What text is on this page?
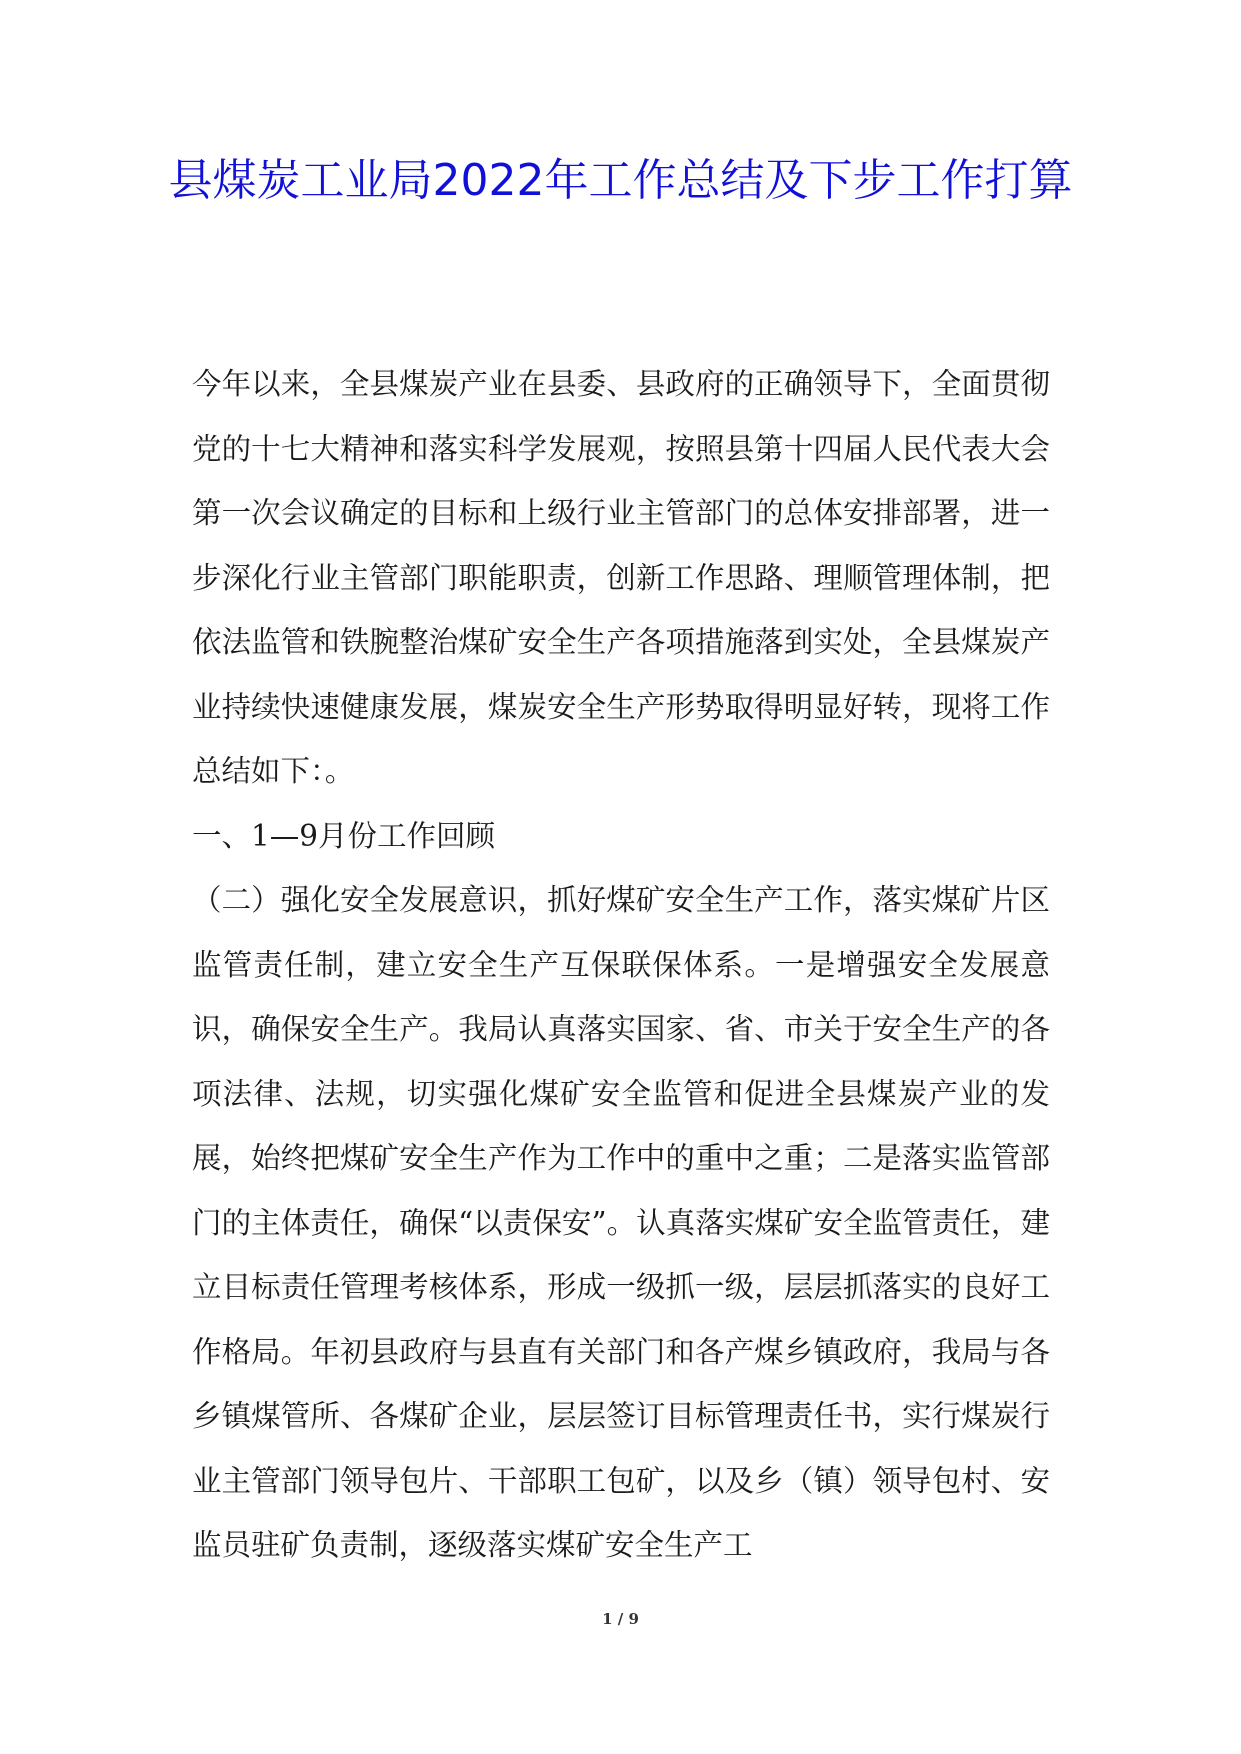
县煤炭工业局2022年工作总结及下步工作打算

今年以来，全县煤炭产业在县委、县政府的正确领导下，全面贯彻党的十七大精神和落实科学发展观，按照县第十四届人民代表大会第一次会议确定的目标和上级行业主管部门的总体安排部署，进一步深化行业主管部门职能职责，创新工作思路、理顺管理体制，把依法监管和铁腕整治煤矿安全生产各项措施落到实处，全县煤炭产业持续快速健康发展，煤炭安全生产形势取得明显好转，现将工作总结如下：。

一、1—9月份工作回顾

（二）强化安全发展意识，抓好煤矿安全生产工作，落实煤矿片区监管责任制，建立安全生产互保联保体系。一是增强安全发展意识，确保安全生产。我局认真落实国家、省、市关于安全生产的各项法律、法规，切实强化煤矿安全监管和促进全县煤炭产业的发展，始终把煤矿安全生产作为工作中的重中之重；二是落实监管部门的主体责任，确保“以责保安”。认真落实煤矿安全监管责任，建立目标责任管理考核体系，形成一级抓一级，层层抓落实的良好工作格局。年初县政府与县直有关部门和各产煤乡镇政府，我局与各乡镇煤管所、各煤矿企业，层层签订目标管理责任书，实行煤炭行业主管部门领导包片、干部职工包矿，以及乡（镇）领导包村、安监员驻矿负责制，逐级落实煤矿安全生产工

1 / 9
